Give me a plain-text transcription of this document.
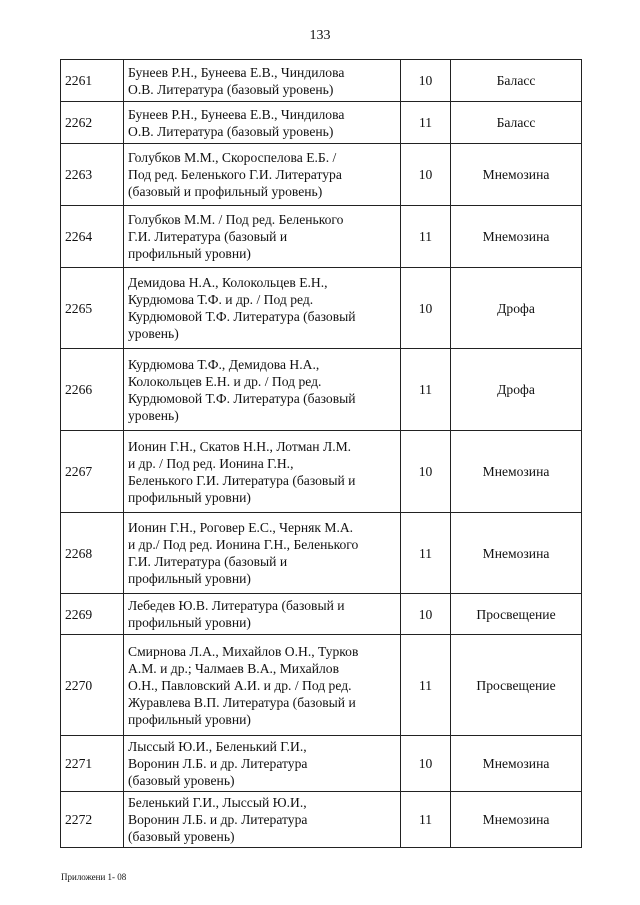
133
2261	Бунеев Р.Н., Бунеева Е.В., Чиндилова
О.В. Литература (базовый уровень)	10	Баласс
2262	Бунеев Р.Н., Бунеева Е.В., Чиндилова
О.В. Литература (базовый уровень)	11	Баласс
2263	Голубков М.М., Скороспелова Е.Б. /
Под ред. Беленького Г.И. Литература
(базовый и профильный уровень)	10	Мнемозина
2264	Голубков М.М. / Под ред. Беленького
Г.И. Литература (базовый и
профильный уровни)	11	Мнемозина
2265	Демидова Н.А., Колокольцев Е.Н.,
Курдюмова Т.Ф. и др. / Под ред.
Курдюмовой Т.Ф. Литература (базовый
уровень)	10	Дрофа
2266	Курдюмова Т.Ф., Демидова Н.А.,
Колокольцев Е.Н. и др. / Под ред.
Курдюмовой Т.Ф. Литература (базовый
уровень)	11	Дрофа
2267	Ионин Г.Н., Скатов Н.Н., Лотман Л.М.
и др. / Под ред. Ионина Г.Н.,
Беленького Г.И. Литература (базовый и
профильный уровни)	10	Мнемозина
2268	Ионин Г.Н., Роговер Е.С., Черняк М.А.
и др./ Под ред. Ионина Г.Н., Беленького
Г.И. Литература (базовый и
профильный уровни)	11	Мнемозина
2269	Лебедев Ю.В. Литература (базовый и
профильный уровни)	10	Просвещение
2270	Смирнова Л.А., Михайлов О.Н., Турков
А.М. и др.; Чалмаев В.А., Михайлов
О.Н., Павловский А.И. и др. / Под ред.
Журавлева В.П. Литература (базовый и
профильный уровни)	11	Просвещение
2271	Лыссый Ю.И., Беленький Г.И.,
Воронин Л.Б. и др. Литература
(базовый уровень)	10	Мнемозина
2272	Беленький Г.И., Лыссый Ю.И.,
Воронин Л.Б. и др. Литература
(базовый уровень)	11	Мнемозина
Приложени 1- 08
